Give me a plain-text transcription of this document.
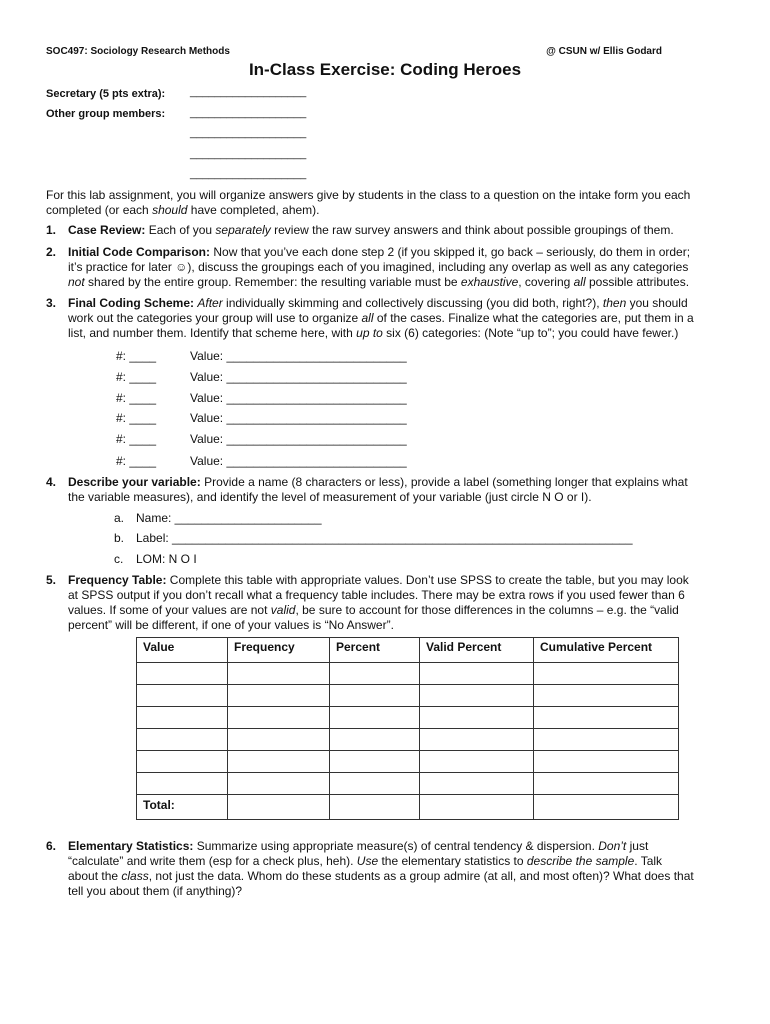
SOC497: Sociology Research Methods	@ CSUN w/ Ellis Godard
In-Class Exercise: Coding Heroes
Secretary (5 pts extra): ___________________
Other group members: ___________________
___________________
___________________
___________________
For this lab assignment, you will organize answers give by students in the class to a question on the intake form you each
completed (or each should have completed, ahem).
1. Case Review: Each of you separately review the raw survey answers and think about possible groupings of them.
2. Initial Code Comparison: Now that you’ve each done step 2 (if you skipped it, go back – seriously, do them in order;
it’s practice for later ☺), discuss the groupings each of you imagined, including any overlap as well as any categories
not shared by the entire group. Remember: the resulting variable must be exhaustive, covering all possible attributes.
3. Final Coding Scheme: After individually skimming and collectively discussing (you did both, right?), then you should
work out the categories your group will use to organize all of the cases. Finalize what the categories are, put them in a
list, and number them. Identify that scheme here, with up to six (6) categories: (Note “up to”; you could have fewer.)
#: ____	Value: ___________________________
#: ____	Value: ___________________________
#: ____	Value: ___________________________
#: ____	Value: ___________________________
#: ____	Value: ___________________________
#: ____	Value: ___________________________
4. Describe your variable: Provide a name (8 characters or less), provide a label (something longer that explains what
the variable measures), and identify the level of measurement of your variable (just circle N O or I).
a. Name: ______________________
b. Label: _____________________________________________________________________
c. LOM: N O I
5. Frequency Table: Complete this table with appropriate values. Don’t use SPSS to create the table, but you may look
at SPSS output if you don’t recall what a frequency table includes. There may be extra rows if you used fewer than 6
values. If some of your values are not valid, be sure to account for those differences in the columns – e.g. the “valid
percent” will be different, if one of your values is “No Answer”.
Value	Frequency	Percent	Valid Percent	Cumulative Percent

Total:				
6. Elementary Statistics: Summarize using appropriate measure(s) of central tendency & dispersion. Don’t just
“calculate” and write them (esp for a check plus, heh). Use the elementary statistics to describe the sample. Talk
about the class, not just the data. Whom do these students as a group admire (at all, and most often)? What does that
tell you about them (if anything)?
